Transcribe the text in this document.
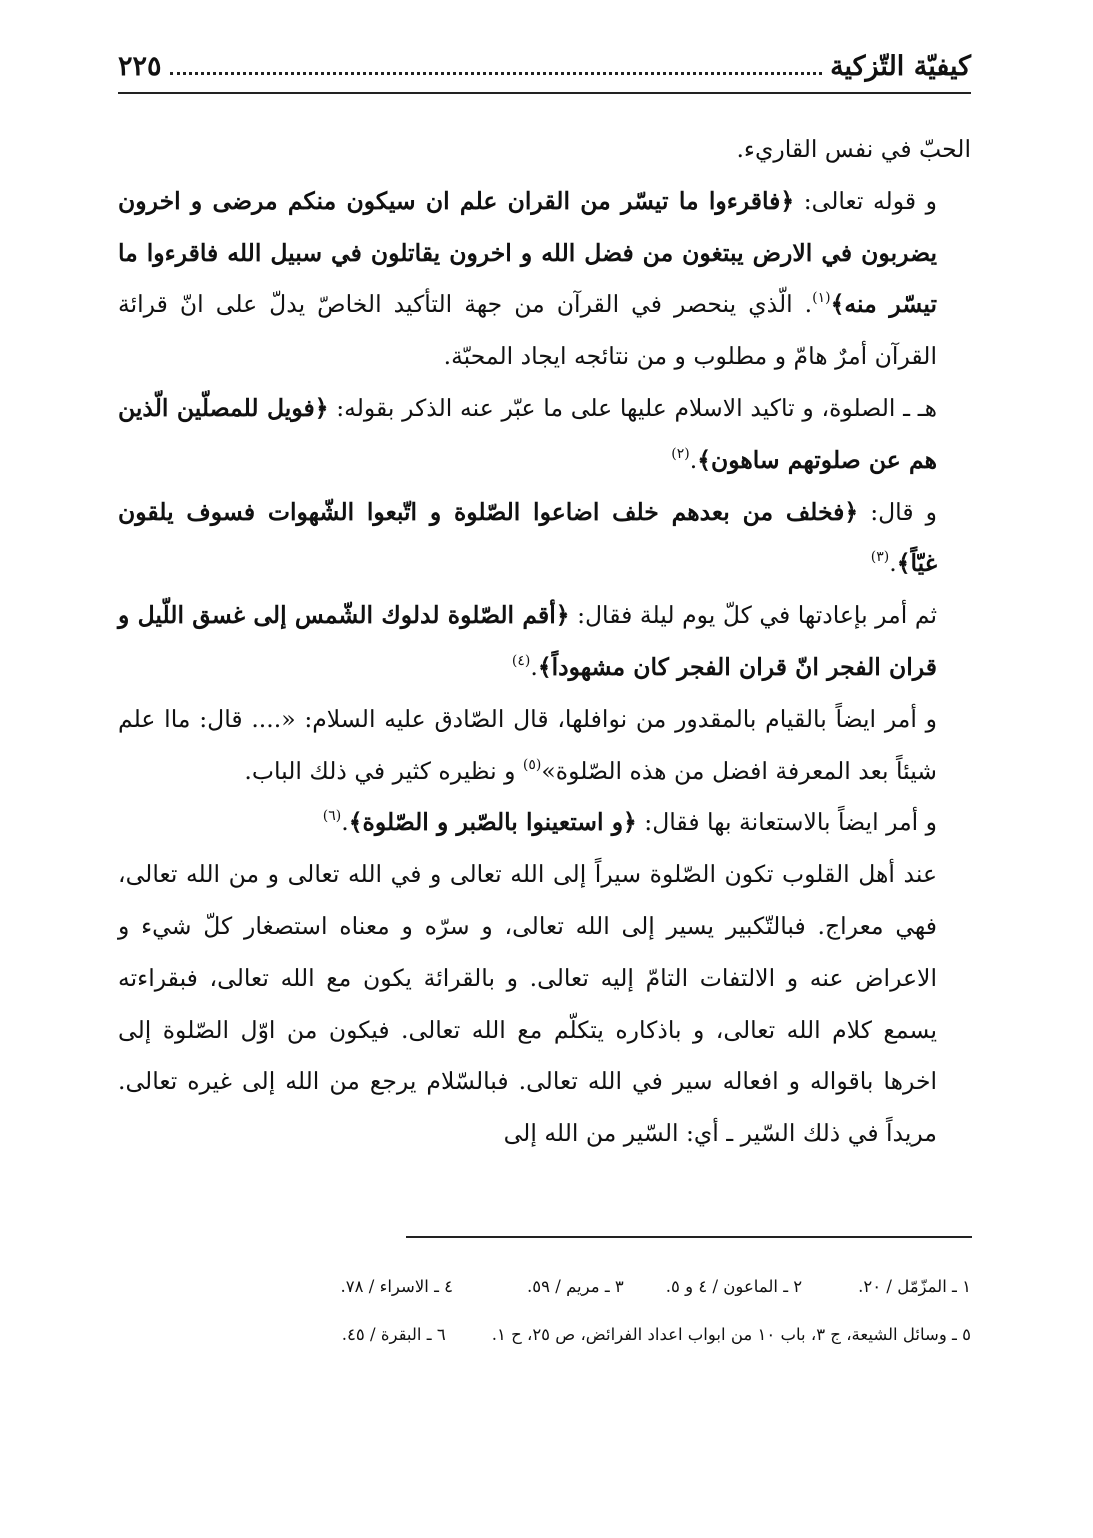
كيفيّة التّزكية
٢٢٥

الحبّ في نفس القاريء.

و قوله تعالى: ﴿فاقرءوا ما تيسّر من القران علم ان سيكون منكم مرضى و اخرون يضربون في الارض يبتغون من فضل الله و اخرون يقاتلون في سبيل الله فاقرءوا ما تيسّر منه﴾$^{(١)}$. الّذي ينحصر في القرآن من جهة التأكيد الخاصّ يدلّ على انّ قرائة القرآن أمرٌ هامّ و مطلوب و من نتائجه ايجاد المحبّة.

هـ ـ الصلوة، و تاكيد الاسلام عليها على ما عبّر عنه الذكر بقوله: ﴿فويل للمصلّين الّذين هم عن صلوتهم ساهون﴾.$^{(٢)}$

و قال: ﴿فخلف من بعدهم خلف اضاعوا الصّلوة و اتّبعوا الشّهوات فسوف يلقون غيّاً﴾.$^{(٣)}$

ثم أمر بإعادتها في كلّ يوم ليلة فقال: ﴿أقم الصّلوة لدلوك الشّمس إلى غسق اللّيل و قران الفجر انّ قران الفجر كان مشهوداً﴾.$^{(٤)}$

و أمر ايضاً بالقيام بالمقدور من نوافلها، قال الصّادق عليه السلام: «.... قال: ماا علم شيئاً بعد المعرفة افضل من هذه الصّلوة»$^{(٥)}$ و نظيره كثير في ذلك الباب.

و أمر ايضاً بالاستعانة بها فقال: ﴿و استعينوا بالصّبر و الصّلوة﴾.$^{(٦)}$

عند أهل القلوب تكون الصّلوة سيراً إلى الله تعالى و في الله تعالى و من الله تعالى، فهي معراج. فبالتّكبير يسير إلى الله تعالى، و سرّه و معناه استصغار كلّ شيء و الاعراض عنه و الالتفات التامّ إليه تعالى. و بالقرائة يكون مع الله تعالى، فبقراءته يسمع كلام الله تعالى، و باذكاره يتكلّم مع الله تعالى. فيكون من اوّل الصّلوة إلى اخرها باقواله و افعاله سير في الله تعالى. فبالسّلام يرجع من الله إلى غيره تعالى. مريداً في ذلك السّير ـ أي: السّير من الله إلى

١ ـ المزّمّل / ٢٠.
٢ ـ الماعون / ٤ و ٥.
٣ ـ مريم / ٥٩.
٤ ـ الاسراء / ٧٨.
٥ ـ وسائل الشيعة، ج ٣، باب ١٠ من ابواب اعداد الفرائض، ص ٢٥، ح ١.
٦ ـ البقرة / ٤٥.
